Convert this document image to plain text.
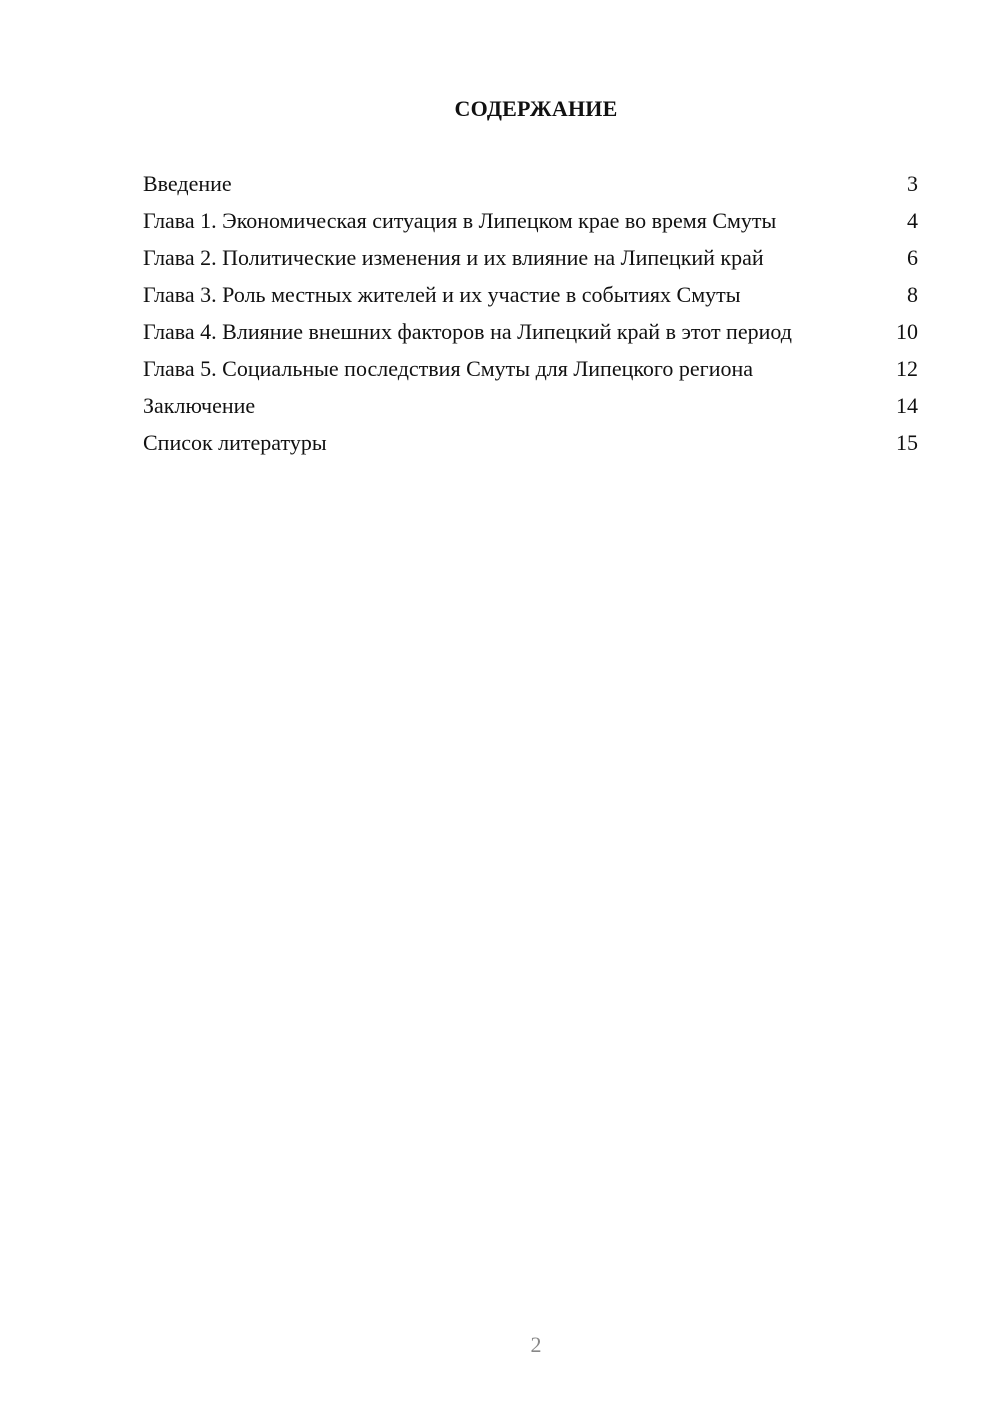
СОДЕРЖАНИЕ
Введение	3
Глава 1. Экономическая ситуация в Липецком крае во время Смуты	4
Глава 2. Политические изменения и их влияние на Липецкий край	6
Глава 3. Роль местных жителей и их участие в событиях Смуты	8
Глава 4. Влияние внешних факторов на Липецкий край в этот период	10
Глава 5. Социальные последствия Смуты для Липецкого региона	12
Заключение	14
Список литературы	15
2
